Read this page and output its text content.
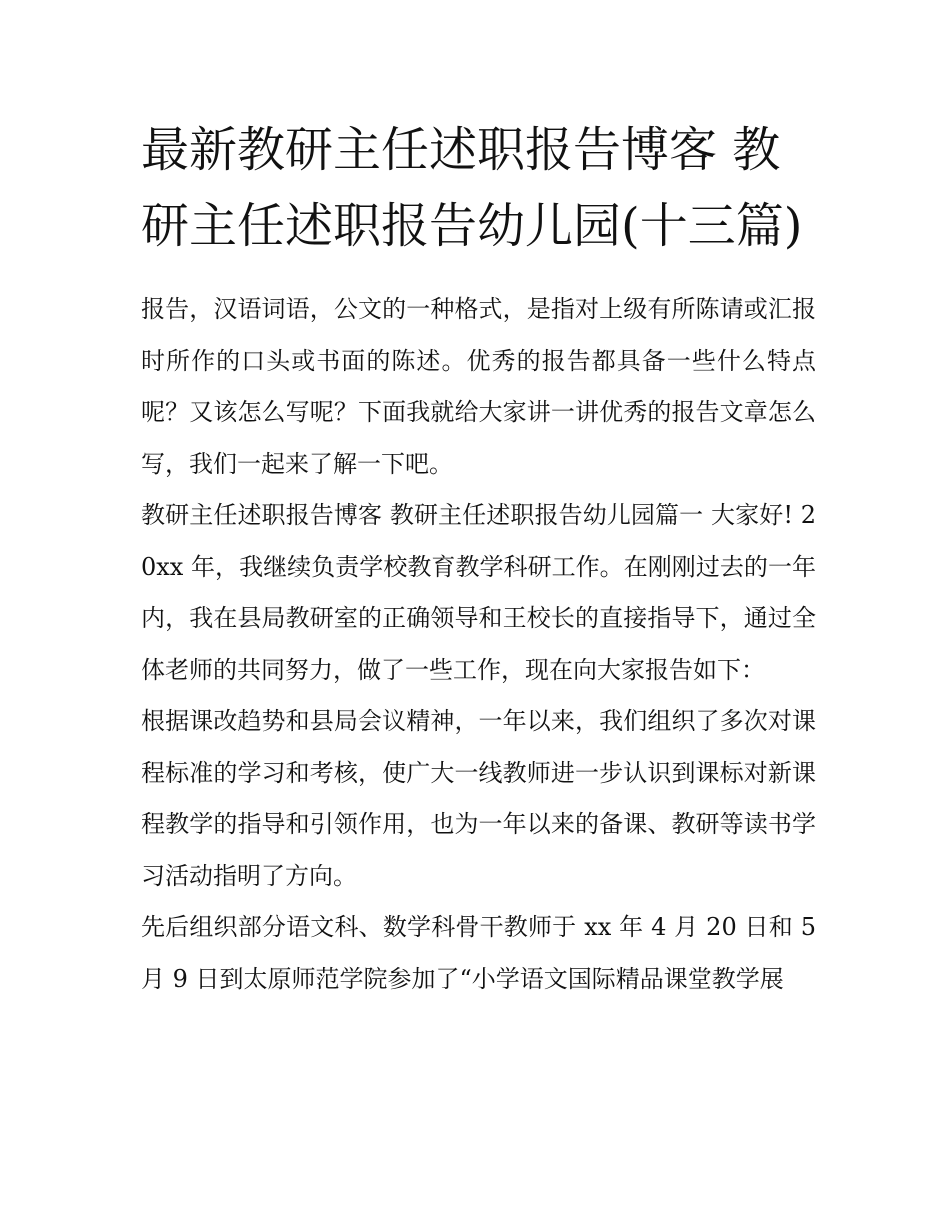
最新教研主任述职报告博客 教研主任述职报告幼儿园(十三篇)

报告，汉语词语，公文的一种格式，是指对上级有所陈请或汇报时所作的口头或书面的陈述。优秀的报告都具备一些什么特点呢？又该怎么写呢？下面我就给大家讲一讲优秀的报告文章怎么写，我们一起来了解一下吧。

教研主任述职报告博客 教研主任述职报告幼儿园篇一 大家好! 20xx 年，我继续负责学校教育教学科研工作。在刚刚过去的一年内，我在县局教研室的正确领导和王校长的直接指导下，通过全体老师的共同努力，做了一些工作，现在向大家报告如下：

根据课改趋势和县局会议精神，一年以来，我们组织了多次对课程标准的学习和考核，使广大一线教师进一步认识到课标对新课程教学的指导和引领作用，也为一年以来的备课、教研等读书学习活动指明了方向。

先后组织部分语文科、数学科骨干教师于 xx 年 4 月 20 日和 5 月 9 日到太原师范学院参加了“小学语文国际精品课堂教学展
